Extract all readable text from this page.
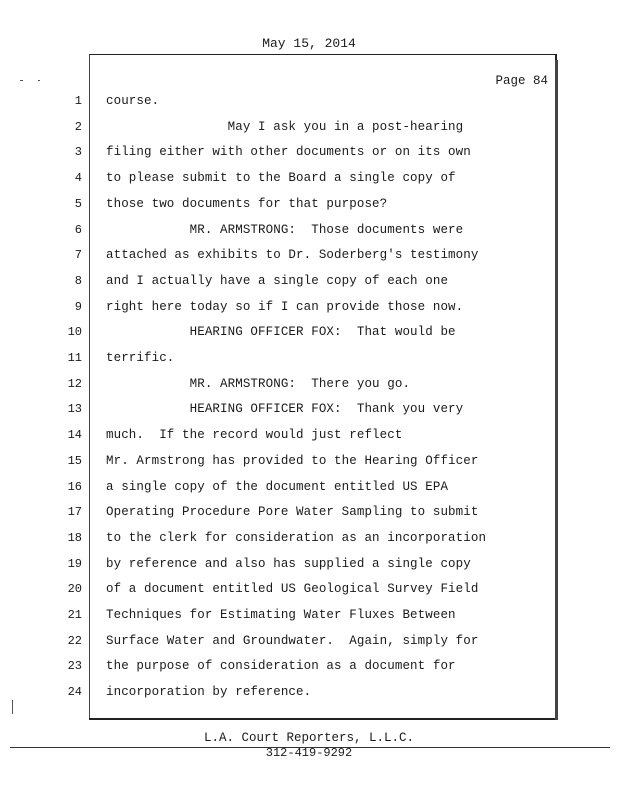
May 15, 2014
Page 84
1 course.
2 May I ask you in a post-hearing
3 filing either with other documents or on its own
4 to please submit to the Board a single copy of
5 those two documents for that purpose?
6 MR. ARMSTRONG:  Those documents were
7 attached as exhibits to Dr. Soderberg's testimony
8 and I actually have a single copy of each one
9 right here today so if I can provide those now.
10 HEARING OFFICER FOX:  That would be
11 terrific.
12 MR. ARMSTRONG:  There you go.
13 HEARING OFFICER FOX:  Thank you very
14 much.  If the record would just reflect
15 Mr. Armstrong has provided to the Hearing Officer
16 a single copy of the document entitled US EPA
17 Operating Procedure Pore Water Sampling to submit
18 to the clerk for consideration as an incorporation
19 by reference and also has supplied a single copy
20 of a document entitled US Geological Survey Field
21 Techniques for Estimating Water Fluxes Between
22 Surface Water and Groundwater.  Again, simply for
23 the purpose of consideration as a document for
24 incorporation by reference.
L.A. Court Reporters, L.L.C.
312-419-9292
